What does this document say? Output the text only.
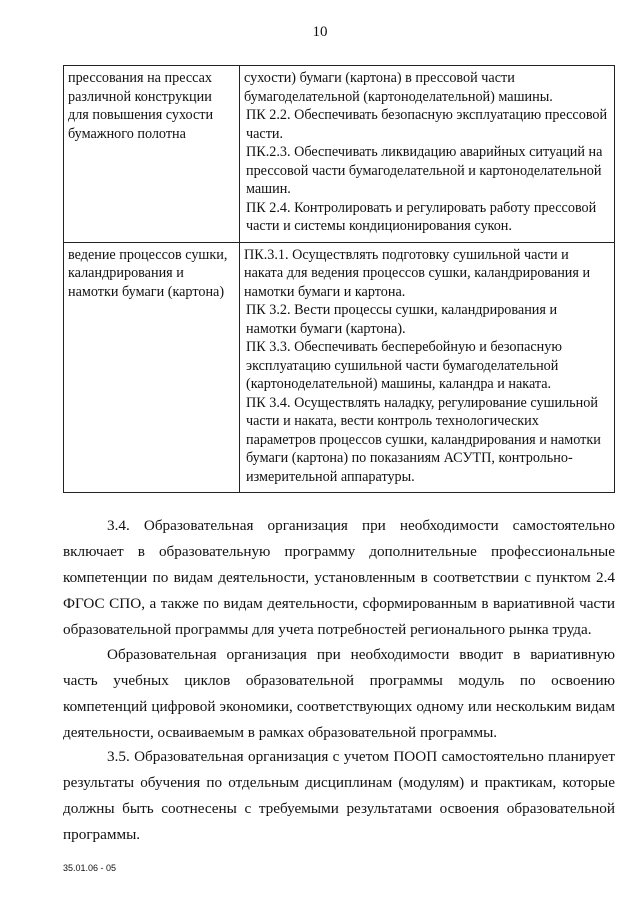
10
прессования на прессах различной конструкции для повышения сухости бумажного полотна	сухости) бумаги (картона) в прессовой части бумагоделательной (картоноделательной) машины.
ПК 2.2. Обеспечивать безопасную эксплуатацию прессовой части.
ПК.2.3. Обеспечивать ликвидацию аварийных ситуаций на прессовой части бумагоделательной и картоноделательной машин.
ПК 2.4. Контролировать и регулировать работу прессовой части и системы кондиционирования сукон.

ведение процессов сушки, каландрирования и намотки бумаги (картона)	ПК.3.1. Осуществлять подготовку сушильной части и наката для ведения процессов сушки, каландрирования и намотки бумаги и картона.
ПК 3.2. Вести процессы сушки, каландрирования и намотки бумаги (картона).
ПК 3.3. Обеспечивать бесперебойную и безопасную эксплуатацию сушильной части бумагоделательной (картоноделательной) машины, каландра и наката.
ПК 3.4. Осуществлять наладку, регулирование сушильной части и наката, вести контроль технологических параметров процессов сушки, каландрирования и намотки бумаги (картона) по показаниям АСУТП, контрольно-измерительной аппаратуры.

3.4. Образовательная организация при необходимости самостоятельно включает в образовательную программу дополнительные профессиональные компетенции по видам деятельности, установленным в соответствии с пунктом 2.4 ФГОС СПО, а также по видам деятельности, сформированным в вариативной части образовательной программы для учета потребностей регионального рынка труда.

Образовательная организация при необходимости вводит в вариативную часть учебных циклов образовательной программы модуль по освоению компетенций цифровой экономики, соответствующих одному или нескольким видам деятельности, осваиваемым в рамках образовательной программы.

3.5. Образовательная организация с учетом ПООП самостоятельно планирует результаты обучения по отдельным дисциплинам (модулям) и практикам, которые должны быть соотнесены с требуемыми результатами освоения образовательной программы.

35.01.06 - 05
